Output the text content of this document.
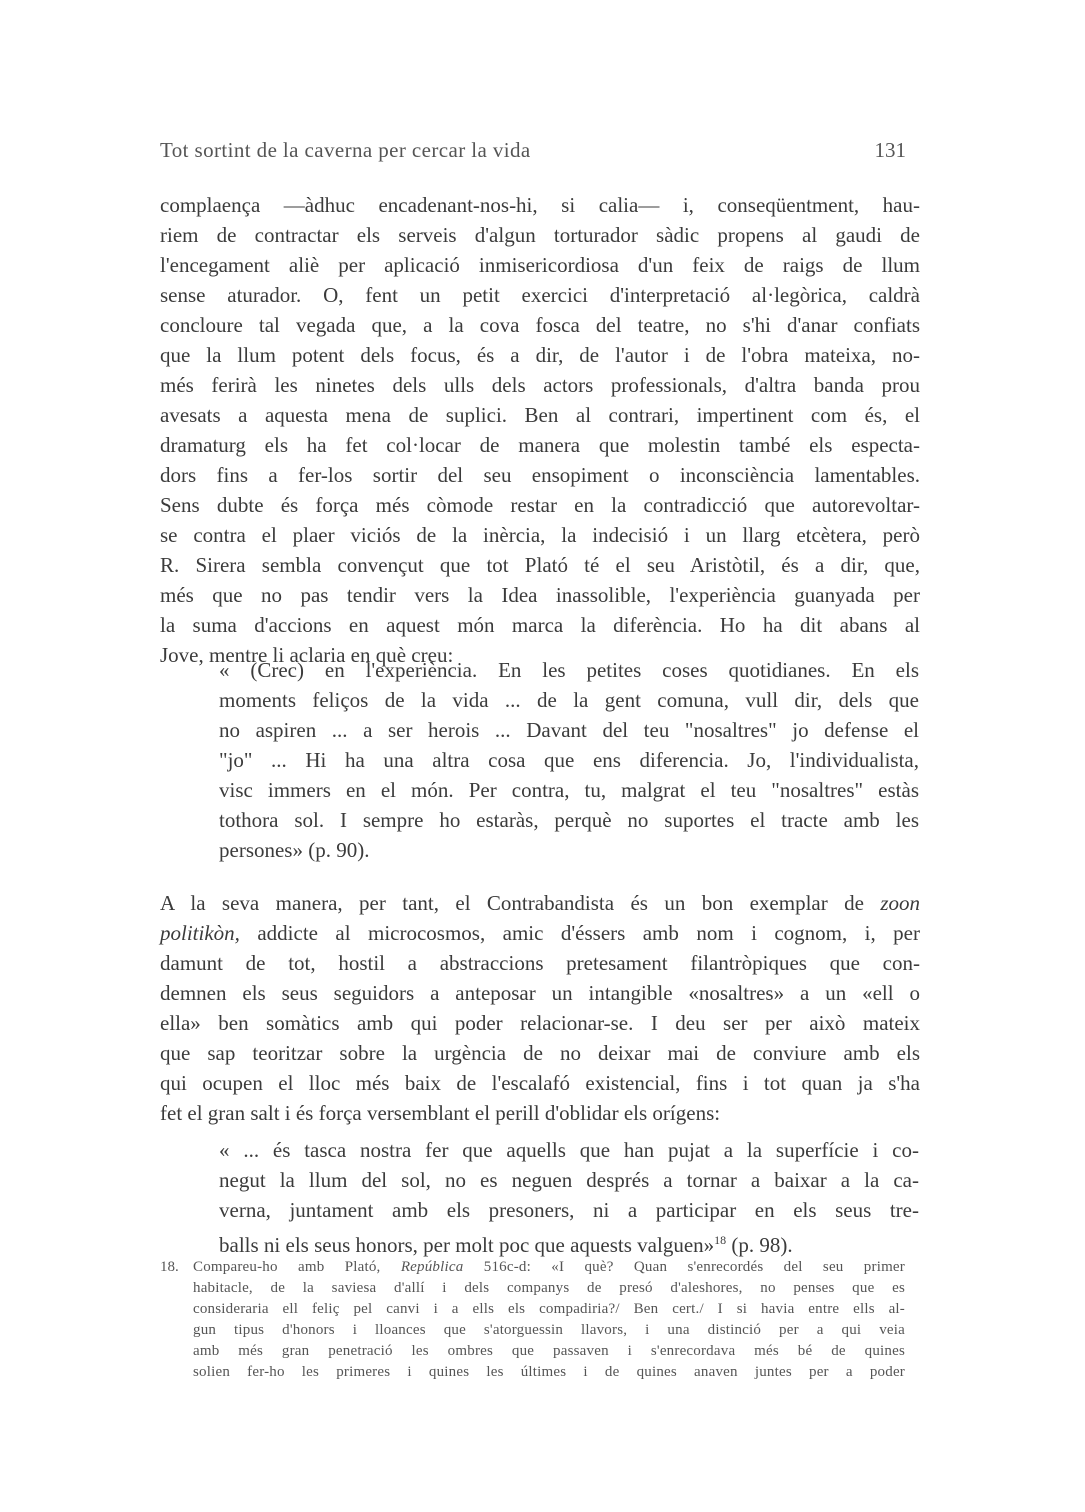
Tot sortint de la caverna per cercar la vida	131
complaença —àdhuc encadenant-nos-hi, si calia— i, conseqüentment, hau-
riem de contractar els serveis d'algun torturador sàdic propens al gaudi de
l'encegament aliè per aplicació inmisericordiosa d'un feix de raigs de llum
sense aturador. O, fent un petit exercici d'interpretació al·legòrica, caldrà
concloure tal vegada que, a la cova fosca del teatre, no s'hi d'anar confiats
que la llum potent dels focus, és a dir, de l'autor i de l'obra mateixa, no-
més ferirà les ninetes dels ulls dels actors professionals, d'altra banda prou
avesats a aquesta mena de suplici. Ben al contrari, impertinent com és, el
dramaturg els ha fet col·locar de manera que molestin també els especta-
dors fins a fer-los sortir del seu ensopiment o inconsciència lamentables.
Sens dubte és força més còmode restar en la contradicció que autorevoltar-
se contra el plaer viciós de la inèrcia, la indecisió i un llarg etcètera, però
R. Sirera sembla convençut que tot Plató té el seu Aristòtil, és a dir, que,
més que no pas tendir vers la Idea inassolible, l'experiència guanyada per
la suma d'accions en aquest món marca la diferència. Ho ha dit abans al
Jove, mentre li aclaria en què creu:
« (Crec) en l'experiència. En les petites coses quotidianes. En els
moments feliços de la vida ... de la gent comuna, vull dir, dels que
no aspiren ... a ser herois ... Davant del teu "nosaltres" jo defense el
"jo" ... Hi ha una altra cosa que ens diferencia. Jo, l'individualista,
visc immers en el món. Per contra, tu, malgrat el teu "nosaltres" estàs
tothora sol. I sempre ho estaràs, perquè no suportes el tracte amb les
persones» (p. 90).
A la seva manera, per tant, el Contrabandista és un bon exemplar de zoon
politikòn, addicte al microcosmos, amic d'éssers amb nom i cognom, i, per
damunt de tot, hostil a abstraccions pretesament filantròpiques que con-
demnen els seus seguidors a anteposar un intangible «nosaltres» a un «ell o
ella» ben somàtics amb qui poder relacionar-se. I deu ser per això mateix
que sap teoritzar sobre la urgència de no deixar mai de conviure amb els
qui ocupen el lloc més baix de l'escalafó existencial, fins i tot quan ja s'ha
fet el gran salt i és força versemblant el perill d'oblidar els orígens:
« ... és tasca nostra fer que aquells que han pujat a la superfície i co-
negut la llum del sol, no es neguen després a tornar a baixar a la ca-
verna, juntament amb els presoners, ni a participar en els seus tre-
balls ni els seus honors, per molt poc que aquests valguen»$^{18}$ (p. 98).
18. Compareu-ho amb Plató, República 516c-d: «I què? Quan s'enrecordés del seu primer
habitacle, de la saviesa d'allí i dels companys de presó d'aleshores, no penses que es
consideraria ell feliç pel canvi i a ells els compadiria?/ Ben cert./ I si havia entre ells al-
gun tipus d'honors i lloances que s'atorguessin llavors, i una distinció per a qui veia
amb més gran penetració les ombres que passaven i s'enrecordava més bé de quines
solien fer-ho les primeres i quines les últimes i de quines anaven juntes per a poder
